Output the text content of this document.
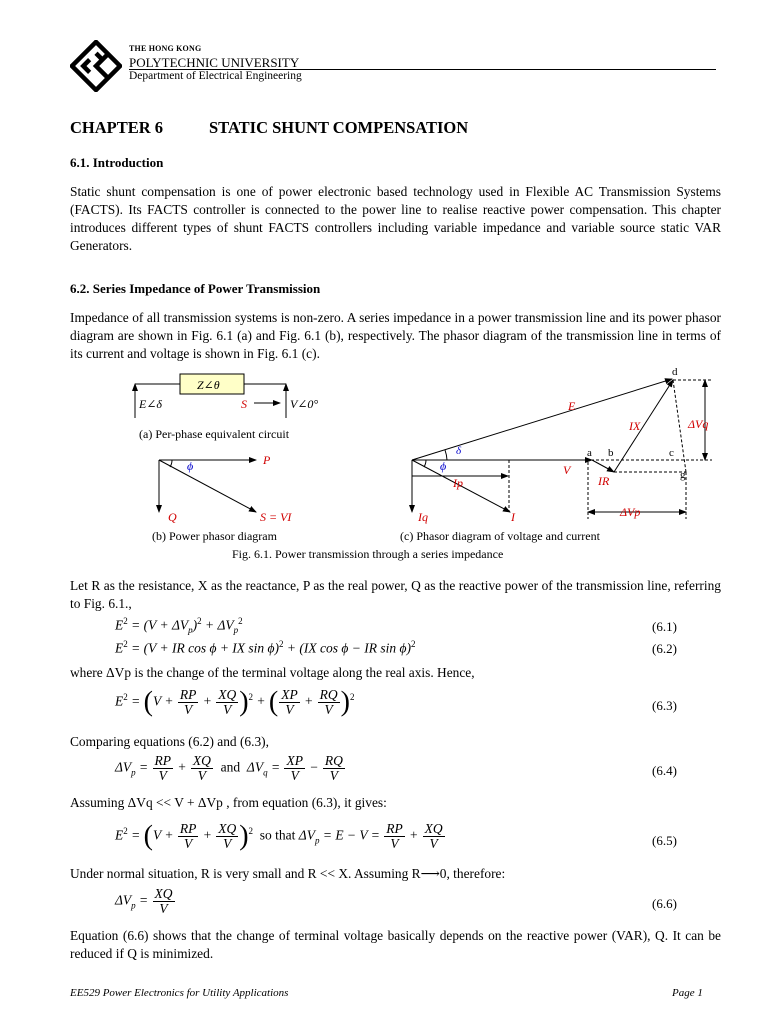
THE HONG KONG
POLYTECHNIC UNIVERSITY
Department of Electrical Engineering
CHAPTER 6	STATIC SHUNT COMPENSATION
6.1. Introduction

Static shunt compensation is one of power electronic based technology used in Flexible AC Transmission Systems (FACTS). Its FACTS controller is connected to the power line to realise reactive power compensation. This chapter introduces different types of shunt FACTS controllers including variable impedance and variable source static VAR Generators.

6.2. Series Impedance of Power Transmission

Impedance of all transmission systems is non-zero. A series impedance in a power transmission line and its power phasor diagram are shown in Fig. 6.1 (a) and Fig. 6.1 (b), respectively. The phasor diagram of the transmission line in terms of its current and voltage is shown in Fig. 6.1 (c).

Z∠θ
E∠δ	S	V∠0°
P
Q	S = VI
ϕ
d
E
IX	ΔVq
δ	a b	c
V	g
IR
Ip
Iq	I	ΔVp
ϕ
(a) Per-phase equivalent circuit
(b) Power phasor diagram	(c) Phasor diagram of voltage and current
Fig. 6.1. Power transmission through a series impedance

Let R as the resistance, X as the reactance, P as the real power, Q as the reactive power of the transmission line, referring to Fig. 6.1.,

$E^2 = (V + \Delta V_p)^2 + \Delta V_p^2$	(6.1)
$E^2 = (V$ + IR cos ϕ + IX sin ϕ)$^2$ + (IX cos ϕ − IR sin ϕ)$^2$	(6.2)

where ΔVp is the change of the terminal voltage along the real axis. Hence,

$E^2 = (V + \frac{RP}{V} + \frac{XQ}{V} )^2$ + ( $\frac{XP}{V} + \frac{RQ}{V} )^2$
(6.3)

Comparing equations (6.2) and (6.3),

$\Delta V_p = \frac{RP}{V} + \frac{XQ}{V}$ and  $\Delta V_q = \frac{XP}{V} - \frac{RQ}{V}$	(6.4)

Assuming ΔVq << V + ΔVp , from equation (6.3), it gives:

$E^2 = (V + \frac{RP}{V} + \frac{XQ}{V} )^2$ so that $\Delta V_p = E - V = \frac{RP}{V} + \frac{XQ}{V}$	(6.5)

Under normal situation, R is very small and R << X. Assuming R⟶0, therefore:

$\Delta V_p = \frac{XQ}{V}$	(6.6)

Equation (6.6) shows that the change of terminal voltage basically depends on the reactive power (VAR), Q. It can be reduced if Q is minimized.

EE529 Power Electronics for Utility Applications	Page 1
